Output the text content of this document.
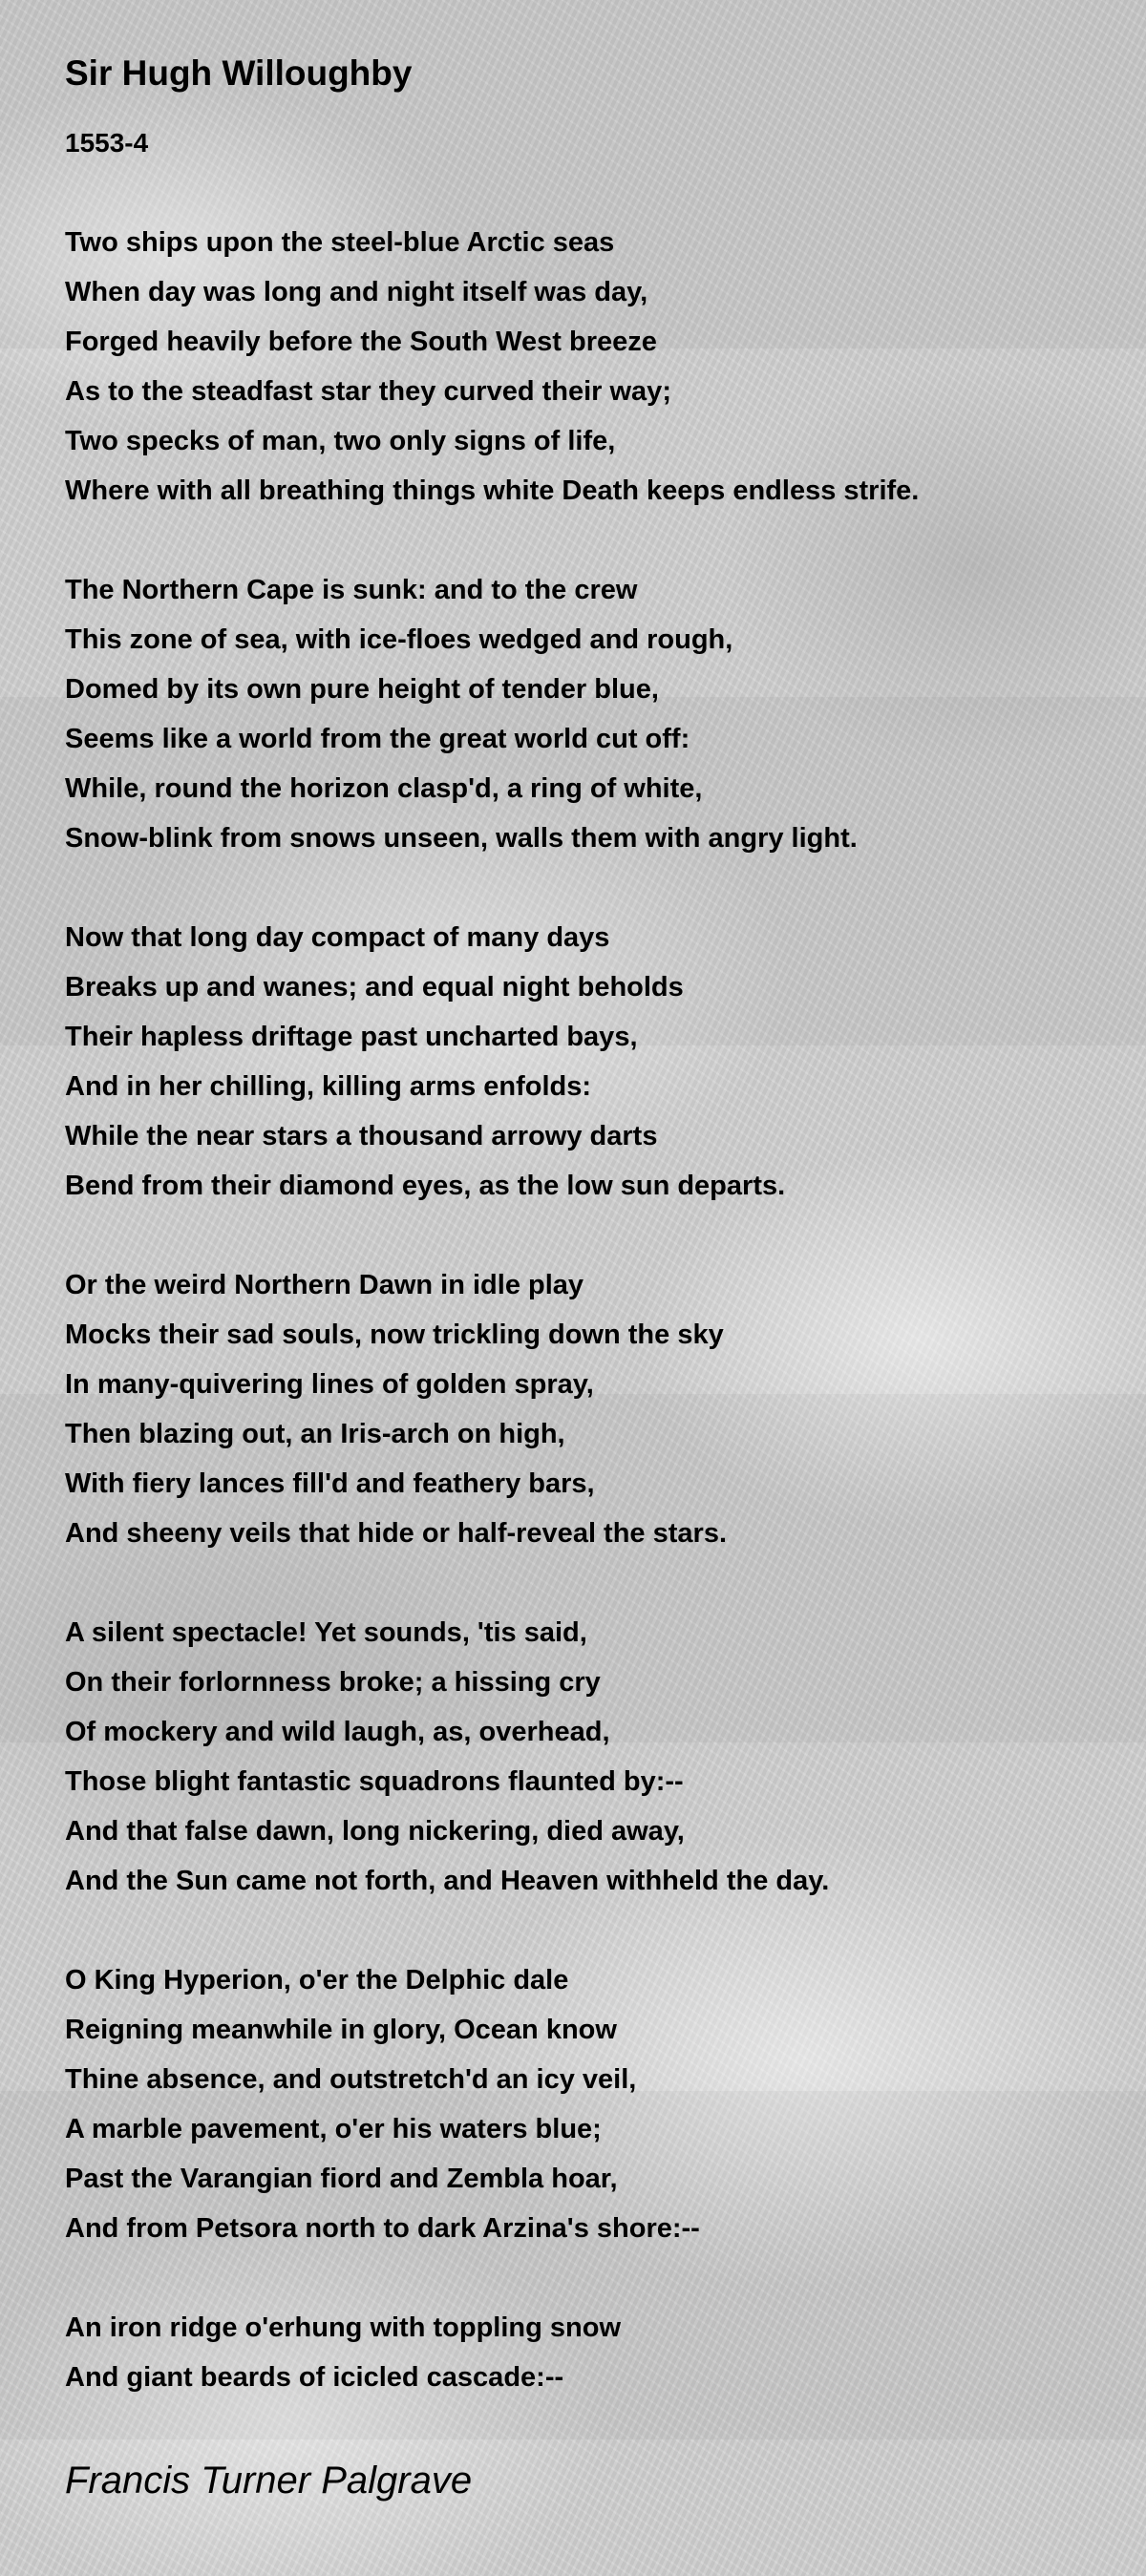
Sir Hugh Willoughby
1553-4
Two ships upon the steel-blue Arctic seas
When day was long and night itself was day,
Forged heavily before the South West breeze
As to the steadfast star they curved their way;
Two specks of man, two only signs of life,
Where with all breathing things white Death keeps endless strife.
The Northern Cape is sunk: and to the crew
This zone of sea, with ice-floes wedged and rough,
Domed by its own pure height of tender blue,
Seems like a world from the great world cut off:
While, round the horizon clasp'd, a ring of white,
Snow-blink from snows unseen, walls them with angry light.
Now that long day compact of many days
Breaks up and wanes; and equal night beholds
Their hapless driftage past uncharted bays,
And in her chilling, killing arms enfolds:
While the near stars a thousand arrowy darts
Bend from their diamond eyes, as the low sun departs.
Or the weird Northern Dawn in idle play
Mocks their sad souls, now trickling down the sky
In many-quivering lines of golden spray,
Then blazing out, an Iris-arch on high,
With fiery lances fill'd and feathery bars,
And sheeny veils that hide or half-reveal the stars.
A silent spectacle! Yet sounds, 'tis said,
On their forlornness broke; a hissing cry
Of mockery and wild laugh, as, overhead,
Those blight fantastic squadrons flaunted by:--
And that false dawn, long nickering, died away,
And the Sun came not forth, and Heaven withheld the day.
O King Hyperion, o'er the Delphic dale
Reigning meanwhile in glory, Ocean know
Thine absence, and outstretch'd an icy veil,
A marble pavement, o'er his waters blue;
Past the Varangian fiord and Zembla hoar,
And from Petsora north to dark Arzina's shore:--
An iron ridge o'erhung with toppling snow
And giant beards of icicled cascade:--
Francis Turner Palgrave
